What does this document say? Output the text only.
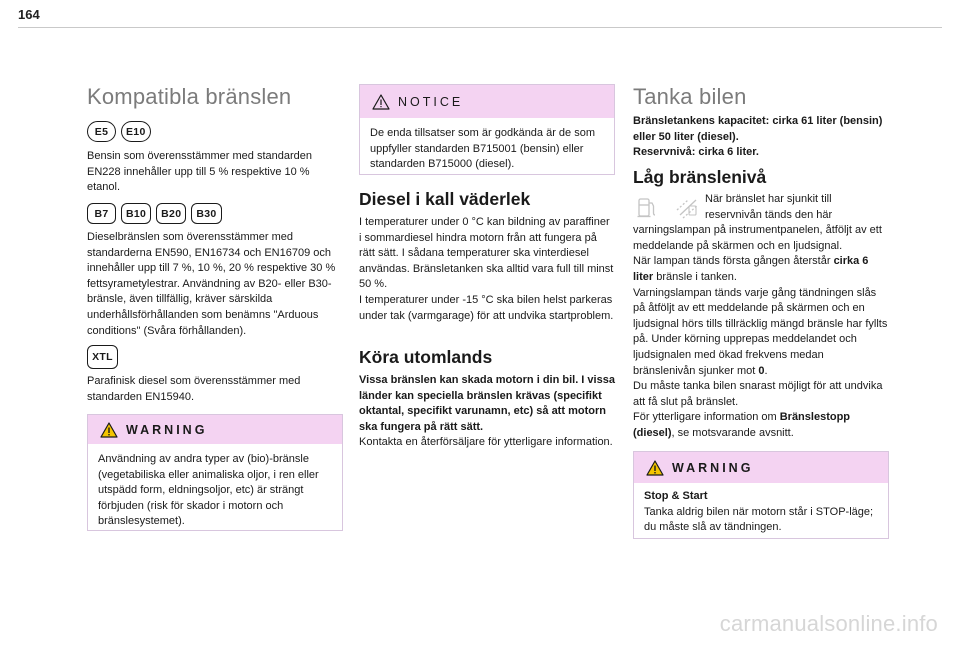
164
Kompatibla bränslen
E5	E10
Bensin som överensstämmer med standarden EN228 innehåller upp till 5 % respektive 10 % etanol.
B7	B10	B20	B30
Dieselbränslen som överensstämmer med standarderna EN590, EN16734 och EN16709 och innehåller upp till 7 %, 10 %, 20 % respektive 30 % fettsyrametylestrar. Användning av B20- eller B30-bränsle, även tillfällig, kräver särskilda underhållsförhållanden som benämns "Arduous conditions" (Svåra förhållanden).
XTL
Parafinisk diesel som överensstämmer med standarden EN15940.
WARNING
Användning av andra typer av (bio)-bränsle (vegetabiliska eller animaliska oljor, i ren eller utspädd form, eldningsoljor, etc) är strängt förbjuden (risk för skador i motorn och bränslesystemet).
NOTICE
De enda tillsatser som är godkända är de som uppfyller standarden B715001 (bensin) eller standarden B715000 (diesel).
Diesel i kall väderlek
I temperaturer under 0 °C kan bildning av paraffiner i sommardiesel hindra motorn från att fungera på rätt sätt. I sådana temperaturer ska vinterdiesel användas. Bränsletanken ska alltid vara full till minst 50 %.
I temperaturer under -15 °C ska bilen helst parkeras under tak (varmgarage) för att undvika startproblem.
Köra utomlands
Vissa bränslen kan skada motorn i din bil. I vissa länder kan speciella bränslen krävas (specifikt oktantal, specifikt varunamn, etc) så att motorn ska fungera på rätt sätt.
Kontakta en återförsäljare för ytterligare information.
Tanka bilen
Bränsletankens kapacitet: cirka 61 liter (bensin) eller 50 liter (diesel).
Reservnivå: cirka 6 liter.
Låg bränslenivå
När bränslet har sjunkit till reservnivån tänds den här varningslampan på instrumentpanelen, åtföljt av ett meddelande på skärmen och en ljudsignal.
När lampan tänds första gången återstår cirka 6 liter bränsle i tanken.
Varningslampan tänds varje gång tändningen slås på åtföljt av ett meddelande på skärmen och en ljudsignal hörs tills tillräcklig mängd bränsle har fyllts på. Under körning upprepas meddelandet och ljudsignalen med ökad frekvens medan bränslenivån sjunker mot 0.
Du måste tanka bilen snarast möjligt för att undvika att få slut på bränslet.
För ytterligare information om Bränslestopp (diesel), se motsvarande avsnitt.
WARNING
Stop & Start
Tanka aldrig bilen när motorn står i STOP-läge; du måste slå av tändningen.
carmanualsonline.info
